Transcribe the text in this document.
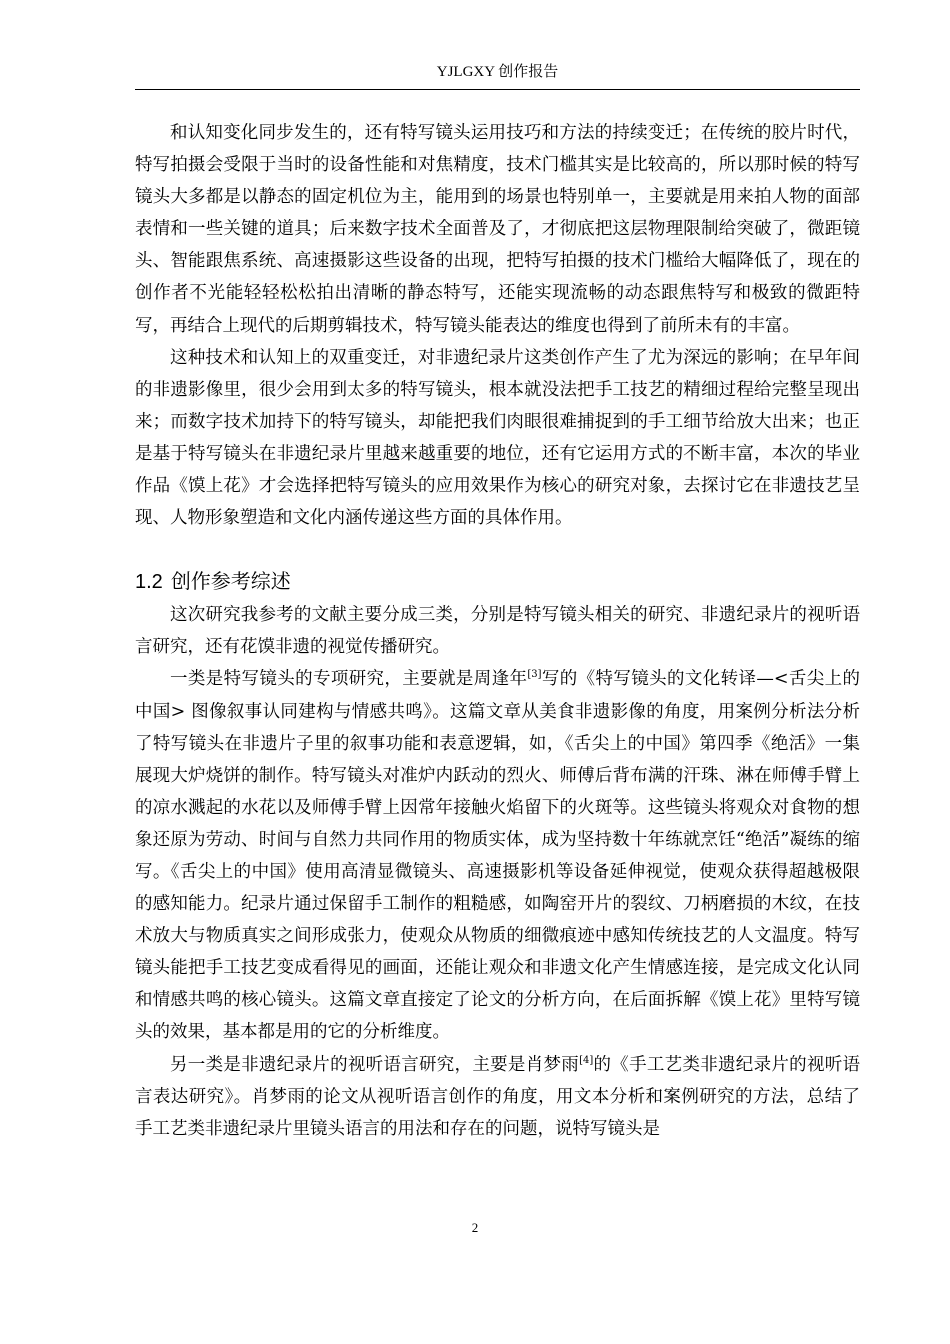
YJLGXY 创作报告

和认知变化同步发生的，还有特写镜头运用技巧和方法的持续变迁；在传统的胶片时代，特写拍摄会受限于当时的设备性能和对焦精度，技术门槛其实是比较高的，所以那时候的特写镜头大多都是以静态的固定机位为主，能用到的场景也特别单一，主要就是用来拍人物的面部表情和一些关键的道具；后来数字技术全面普及了，才彻底把这层物理限制给突破了，微距镜头、智能跟焦系统、高速摄影这些设备的出现，把特写拍摄的技术门槛给大幅降低了，现在的创作者不光能轻轻松松拍出清晰的静态特写，还能实现流畅的动态跟焦特写和极致的微距特写，再结合上现代的后期剪辑技术，特写镜头能表达的维度也得到了前所未有的丰富。

这种技术和认知上的双重变迁，对非遗纪录片这类创作产生了尤为深远的影响；在早年间的非遗影像里，很少会用到太多的特写镜头，根本就没法把手工技艺的精细过程给完整呈现出来；而数字技术加持下的特写镜头，却能把我们肉眼很难捕捉到的手工细节给放大出来；也正是基于特写镜头在非遗纪录片里越来越重要的地位，还有它运用方式的不断丰富，本次的毕业作品《馍上花》才会选择把特写镜头的应用效果作为核心的研究对象，去探讨它在非遗技艺呈现、人物形象塑造和文化内涵传递这些方面的具体作用。

1.2 创作参考综述

这次研究我参考的文献主要分成三类，分别是特写镜头相关的研究、非遗纪录片的视听语言研究，还有花馍非遗的视觉传播研究。

一类是特写镜头的专项研究，主要就是周逢年[3]写的《特写镜头的文化转译—<舌尖上的中国> 图像叙事认同建构与情感共鸣》。这篇文章从美食非遗影像的角度，用案例分析法分析了特写镜头在非遗片子里的叙事功能和表意逻辑，如，《舌尖上的中国》第四季《绝活》一集展现大炉烧饼的制作。特写镜头对准炉内跃动的烈火、师傅后背布满的汗珠、淋在师傅手臂上的凉水溅起的水花以及师傅手臂上因常年接触火焰留下的火斑等。这些镜头将观众对食物的想象还原为劳动、时间与自然力共同作用的物质实体，成为坚持数十年练就烹饪“绝活”凝练的缩写。《舌尖上的中国》使用高清显微镜头、高速摄影机等设备延伸视觉，使观众获得超越极限的感知能力。纪录片通过保留手工制作的粗糙感，如陶窑开片的裂纹、刀柄磨损的木纹，在技术放大与物质真实之间形成张力，使观众从物质的细微痕迹中感知传统技艺的人文温度。特写镜头能把手工技艺变成看得见的画面，还能让观众和非遗文化产生情感连接，是完成文化认同和情感共鸣的核心镜头。这篇文章直接定了论文的分析方向，在后面拆解《馍上花》里特写镜头的效果，基本都是用的它的分析维度。

另一类是非遗纪录片的视听语言研究，主要是肖梦雨[4]的《手工艺类非遗纪录片的视听语言表达研究》。肖梦雨的论文从视听语言创作的角度，用文本分析和案例研究的方法，总结了手工艺类非遗纪录片里镜头语言的用法和存在的问题，说特写镜头是

2
